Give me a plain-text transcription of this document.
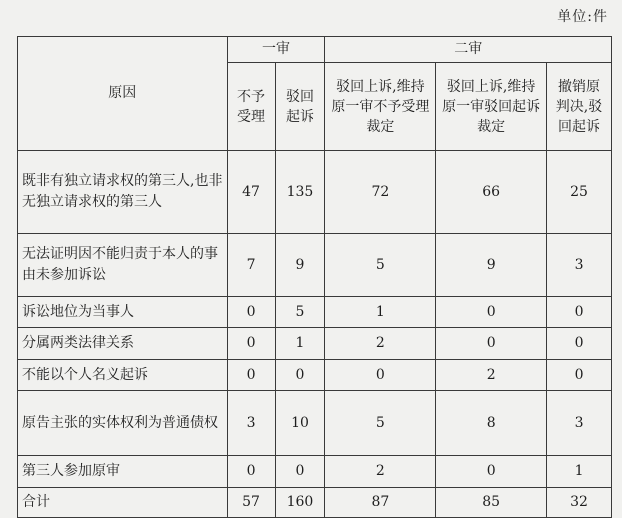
单位:件
原因	一审		二审		
	不予受理	驳回起诉	驳回上诉,维持原一审不予受理裁定	驳回上诉,维持原一审驳回起诉裁定	撤销原判决,驳回起诉
既非有独立请求权的第三人,也非无独立请求权的第三人	47	135	72	66	25
无法证明因不能归责于本人的事由未参加诉讼	7	9	5	9	3
诉讼地位为当事人	0	5	1	0	0
分属两类法律关系	0	1	2	0	0
不能以个人名义起诉	0	0	0	2	0
原告主张的实体权利为普通债权	3	10	5	8	3
第三人参加原审	0	0	2	0	1
合计	57	160	87	85	32
